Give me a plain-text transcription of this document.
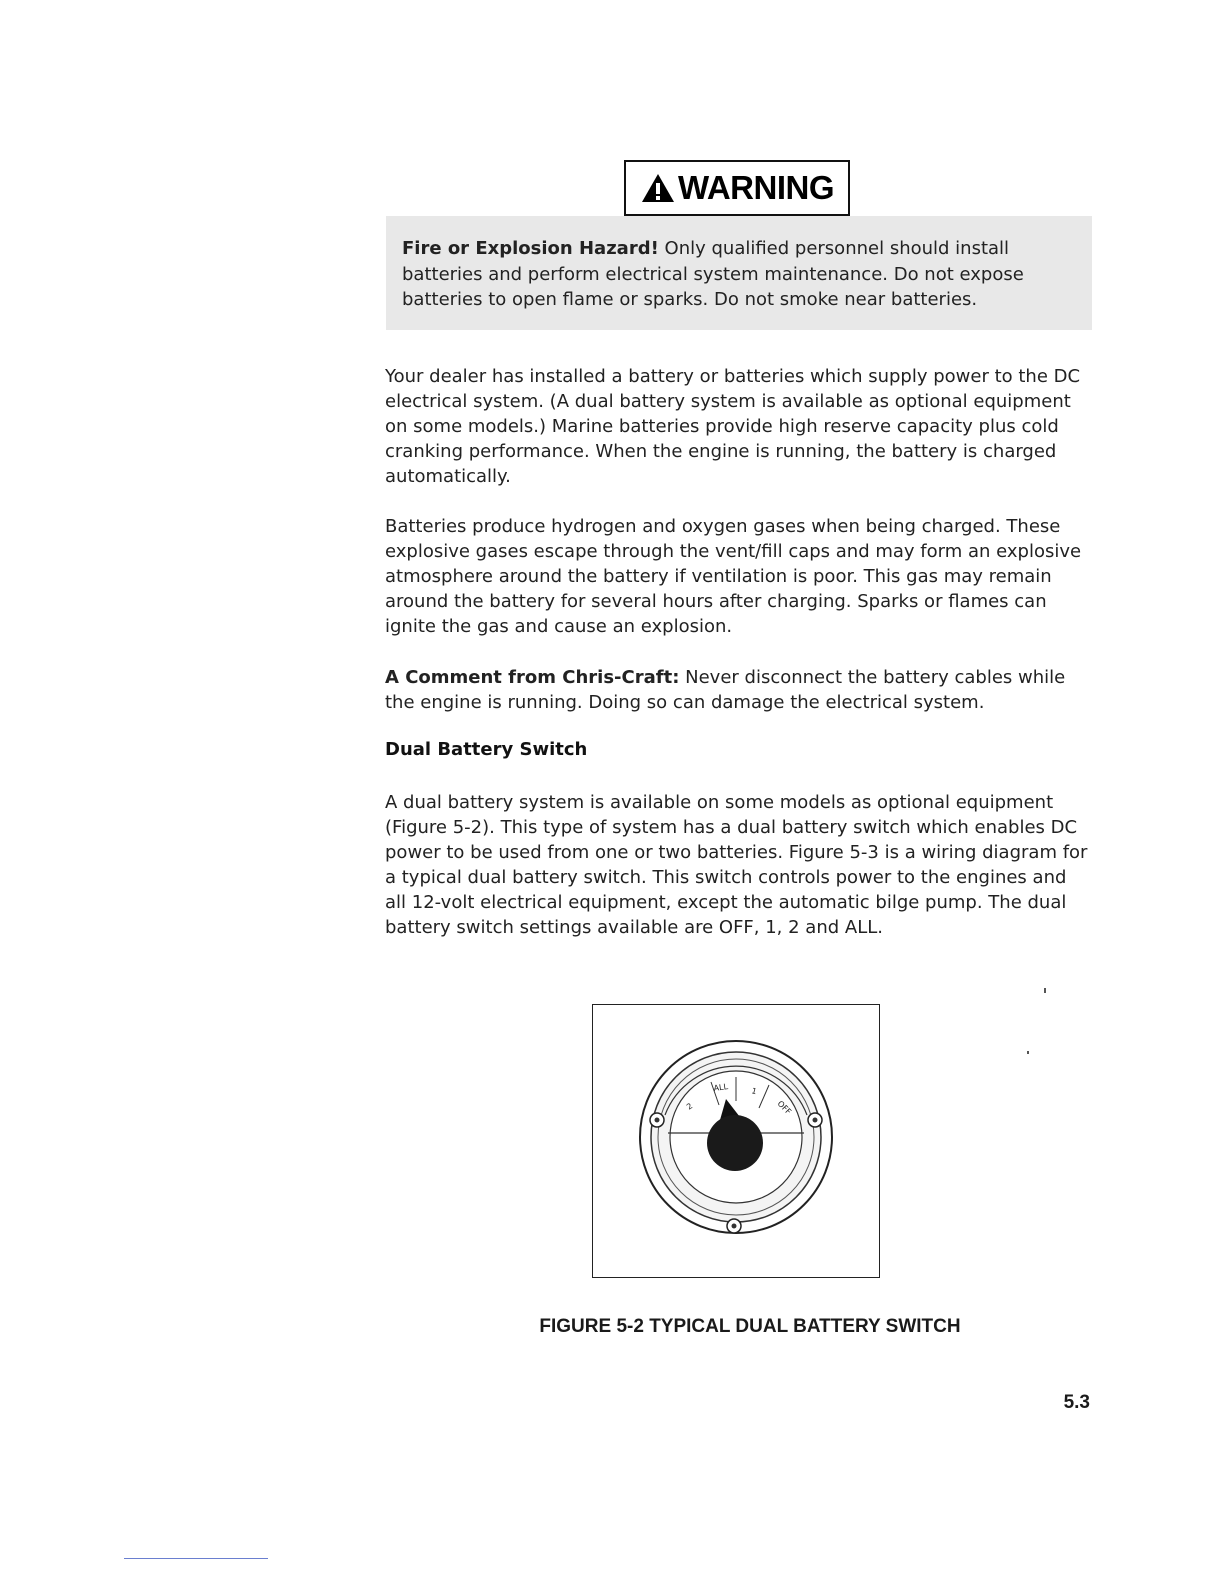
WARNING
Fire or Explosion Hazard! Only qualified personnel should install batteries and perform electrical system maintenance. Do not expose batteries to open flame or sparks. Do not smoke near batteries.

Your dealer has installed a battery or batteries which supply power to the DC electrical system. (A dual battery system is available as optional equipment on some models.) Marine batteries provide high reserve capacity plus cold cranking performance. When the engine is running, the battery is charged automatically.

Batteries produce hydrogen and oxygen gases when being charged. These explosive gases escape through the vent/fill caps and may form an explosive atmosphere around the battery if ventilation is poor. This gas may remain around the battery for several hours after charging. Sparks or flames can ignite the gas and cause an explosion.

A Comment from Chris-Craft: Never disconnect the battery cables while the engine is running. Doing so can damage the electrical system.

Dual Battery Switch

A dual battery system is available on some models as optional equipment (Figure 5-2). This type of system has a dual battery switch which enables DC power to be used from one or two batteries. Figure 5-3 is a wiring diagram for a typical dual battery switch. This switch controls power to the engines and all 12-volt electrical equipment, except the automatic bilge pump. The dual battery switch settings available are OFF, 1, 2 and ALL.

2
ALL	1
OFF
FIGURE 5-2 TYPICAL DUAL BATTERY SWITCH
5.3
